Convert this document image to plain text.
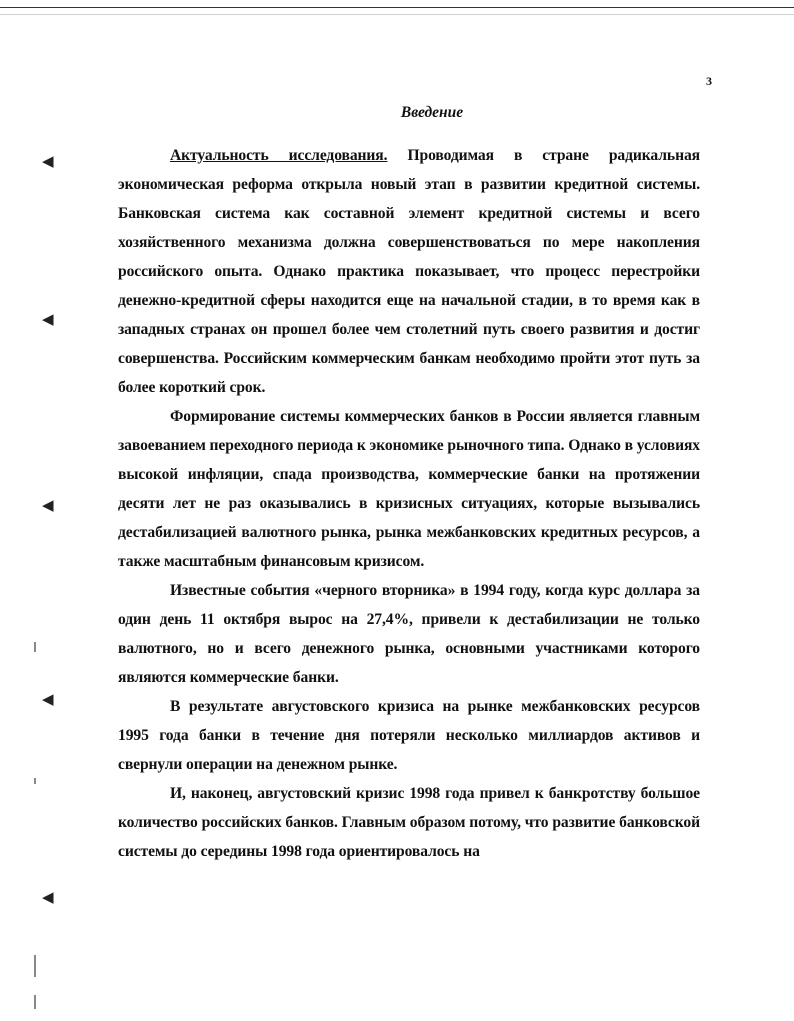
3
Введение
◀
◀
◀
◀
◀

Актуальность исследования. Проводимая в стране радикальная экономическая реформа открыла новый этап в развитии кредитной системы. Банковская система как составной элемент кредитной системы и всего хозяйственного механизма должна совершенствоваться по мере накопления российского опыта. Однако практика показывает, что процесс перестройки денежно-кредитной сферы находится еще на начальной стадии, в то время как в западных странах он прошел более чем столетний путь своего развития и достиг совершенства. Российским коммерческим банкам необходимо пройти этот путь за более короткий срок.

Формирование системы коммерческих банков в России является главным завоеванием переходного периода к экономике рыночного типа. Однако в условиях высокой инфляции, спада производства, коммерческие банки на протяжении десяти лет не раз оказывались в кризисных ситуациях, которые вызывались дестабилизацией валютного рынка, рынка межбанковских кредитных ресурсов, а также масштабным финансовым кризисом.

Известные события «черного вторника» в 1994 году, когда курс доллара за один день 11 октября вырос на 27,4%, привели к дестабилизации не только валютного, но и всего денежного рынка, основными участниками которого являются коммерческие банки.

В результате августовского кризиса на рынке межбанковских ресурсов 1995 года банки в течение дня потеряли несколько миллиардов активов и свернули операции на денежном рынке.

И, наконец, августовский кризис 1998 года привел к банкротству большое количество российских банков. Главным образом потому, что развитие банковской системы до середины 1998 года ориентировалось на
